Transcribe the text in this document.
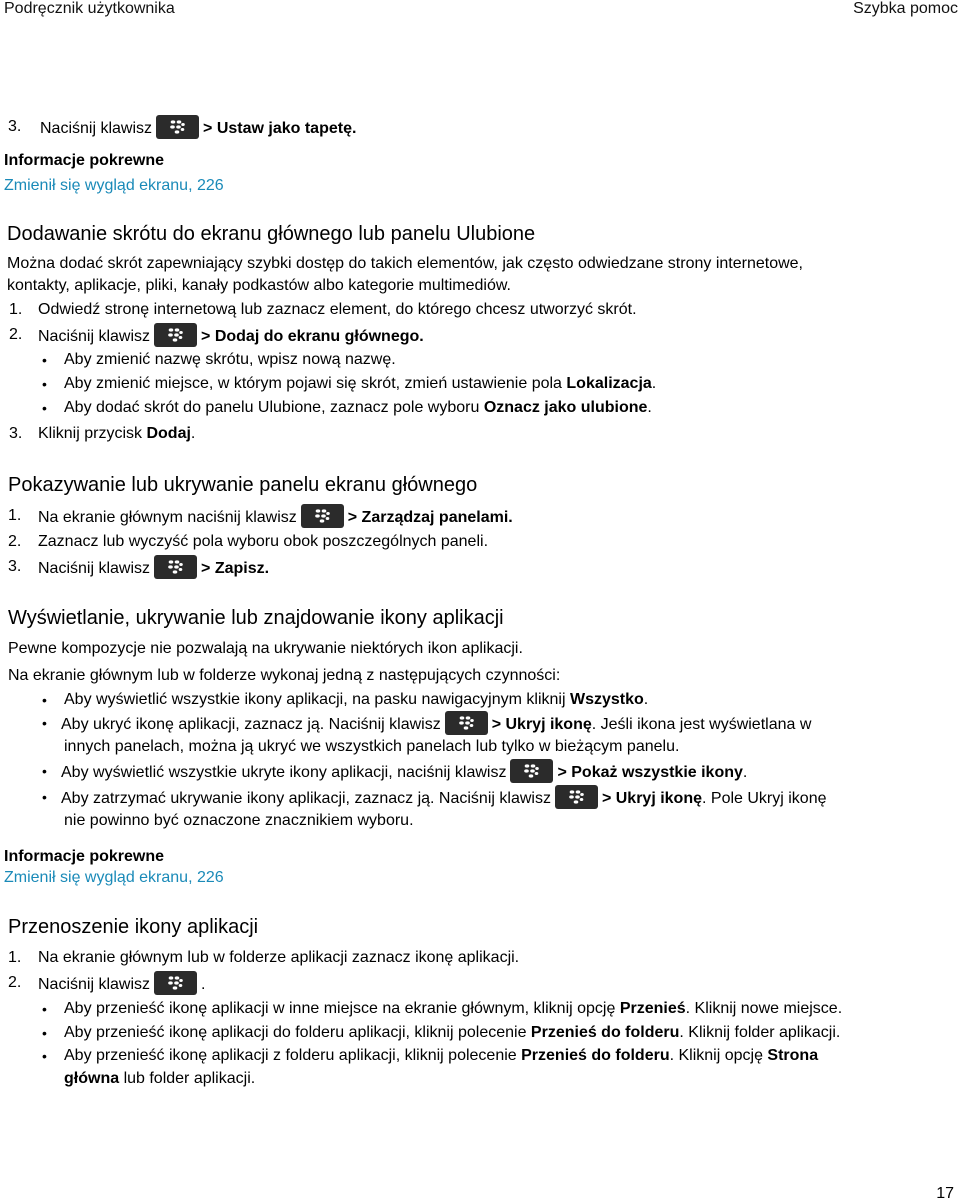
Podręcznik użytkownika	Szybka pomoc
3. Naciśnij klawisz	> Ustaw jako tapetę.
Informacje pokrewne
Zmienił się wygląd ekranu, 226
Dodawanie skrótu do ekranu głównego lub panelu Ulubione
Można dodać skrót zapewniający szybki dostęp do takich elementów, jak często odwiedzane strony internetowe,
kontakty, aplikacje, pliki, kanały podkastów albo kategorie multimediów.
1. Odwiedź stronę internetową lub zaznacz element, do którego chcesz utworzyć skrót.
2. Naciśnij klawisz	> Dodaj do ekranu głównego.
• Aby zmienić nazwę skrótu, wpisz nową nazwę.
• Aby zmienić miejsce, w którym pojawi się skrót, zmień ustawienie pola Lokalizacja.
• Aby dodać skrót do panelu Ulubione, zaznacz pole wyboru Oznacz jako ulubione.
3. Kliknij przycisk Dodaj.
Pokazywanie lub ukrywanie panelu ekranu głównego
1. Na ekranie głównym naciśnij klawisz	> Zarządzaj panelami.
2. Zaznacz lub wyczyść pola wyboru obok poszczególnych paneli.
3. Naciśnij klawisz	> Zapisz.
Wyświetlanie, ukrywanie lub znajdowanie ikony aplikacji
Pewne kompozycje nie pozwalają na ukrywanie niektórych ikon aplikacji.
Na ekranie głównym lub w folderze wykonaj jedną z następujących czynności:
• Aby wyświetlić wszystkie ikony aplikacji, na pasku nawigacyjnym kliknij Wszystko.
• Aby ukryć ikonę aplikacji, zaznacz ją. Naciśnij klawisz	> Ukryj ikonę. Jeśli ikona jest wyświetlana w
innych panelach, można ją ukryć we wszystkich panelach lub tylko w bieżącym panelu.
• Aby wyświetlić wszystkie ukryte ikony aplikacji, naciśnij klawisz	> Pokaż wszystkie ikony.
• Aby zatrzymać ukrywanie ikony aplikacji, zaznacz ją. Naciśnij klawisz	> Ukryj ikonę. Pole Ukryj ikonę
nie powinno być oznaczone znacznikiem wyboru.
Informacje pokrewne
Zmienił się wygląd ekranu, 226
Przenoszenie ikony aplikacji
1. Na ekranie głównym lub w folderze aplikacji zaznacz ikonę aplikacji.
2. Naciśnij klawisz	.
• Aby przenieść ikonę aplikacji w inne miejsce na ekranie głównym, kliknij opcję Przenieś. Kliknij nowe miejsce.
• Aby przenieść ikonę aplikacji do folderu aplikacji, kliknij polecenie Przenieś do folderu. Kliknij folder aplikacji.
• Aby przenieść ikonę aplikacji z folderu aplikacji, kliknij polecenie Przenieś do folderu. Kliknij opcję Strona
główna lub folder aplikacji.
17
